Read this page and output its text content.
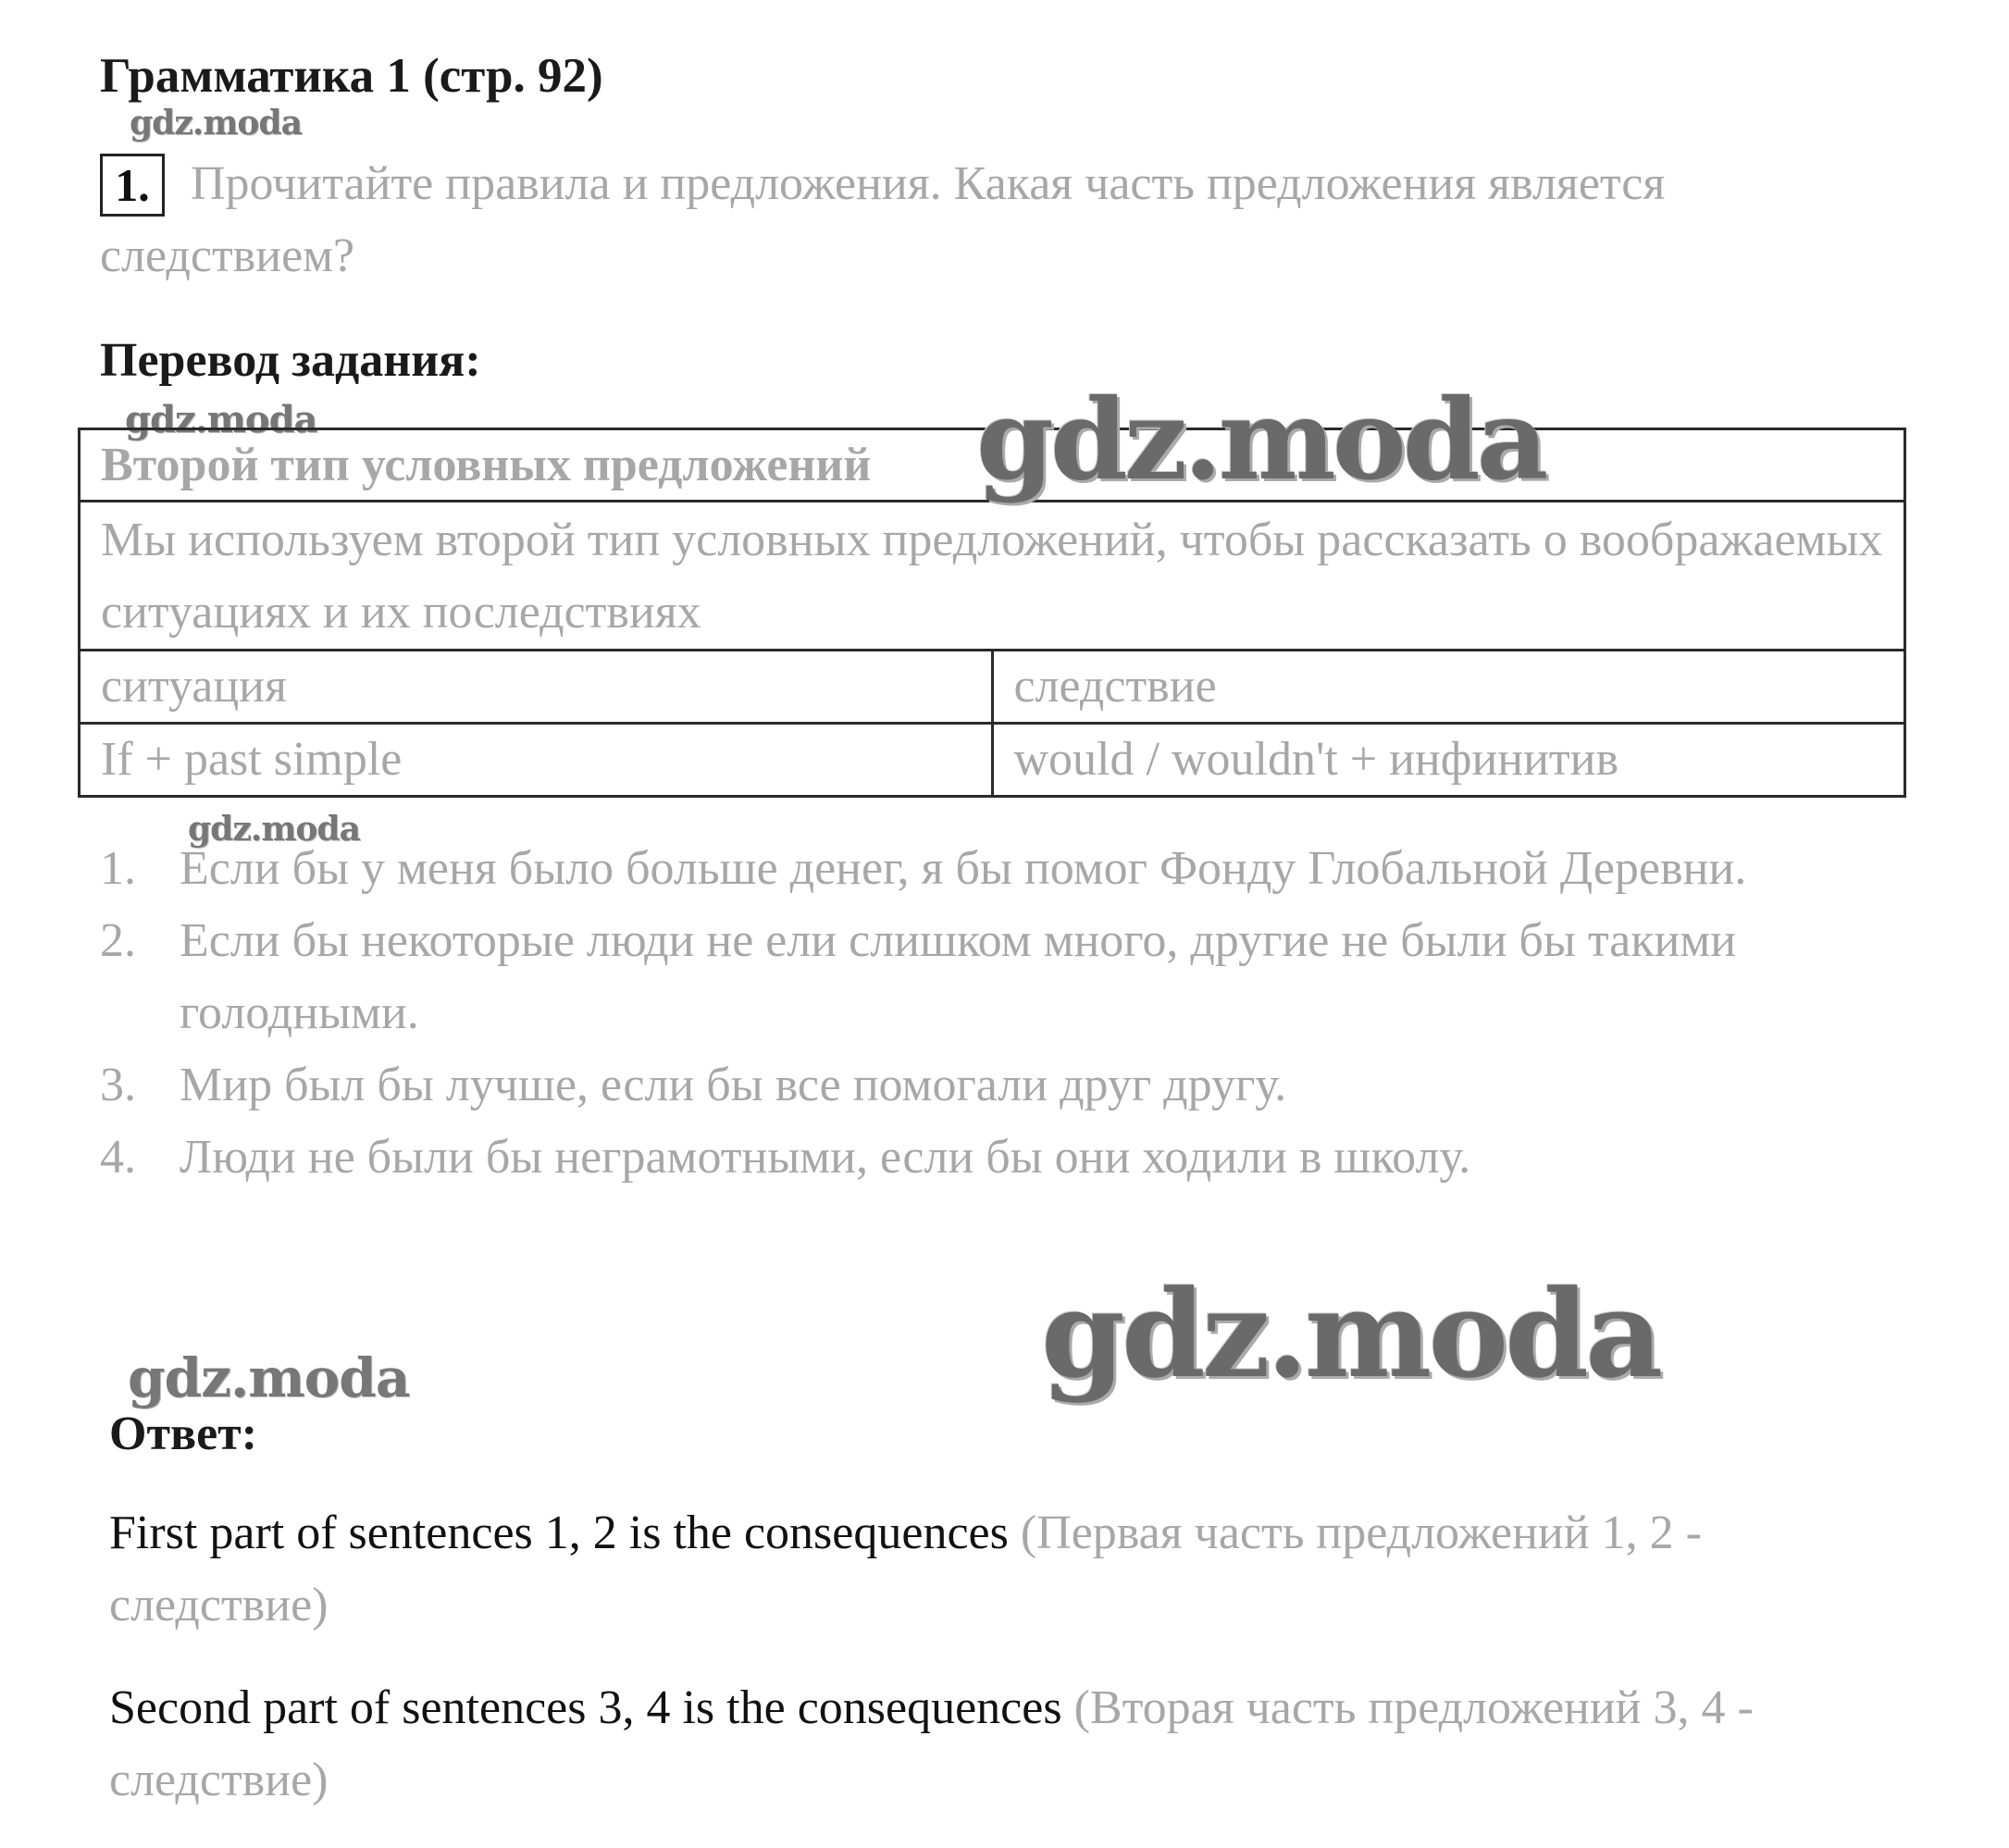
Грамматика 1 (стр. 92)
gdz.moda
1. Прочитайте правила и предложения. Какая часть предложения является следствием?
Перевод задания:
gdz.moda
Второй тип условных предложений	
Мы используем второй тип условных предложений, чтобы рассказать о воображаемых ситуациях и их последствиях	
ситуация	следствие
If + past simple	would / wouldn't + инфинитив
gdz.moda
gdz.moda
1. Если бы у меня было больше денег, я бы помог Фонду Глобальной Деревни.
2. Если бы некоторые люди не ели слишком много, другие не были бы такими голодными.
3. Мир был бы лучше, если бы все помогали друг другу.
4. Люди не были бы неграмотными, если бы они ходили в школу.
gdz.moda
gdz.moda
Ответ:
First part of sentences 1, 2 is the consequences (Первая часть предложений 1, 2 - следствие)
Second part of sentences 3, 4 is the consequences (Вторая часть предложений 3, 4 - следствие)
